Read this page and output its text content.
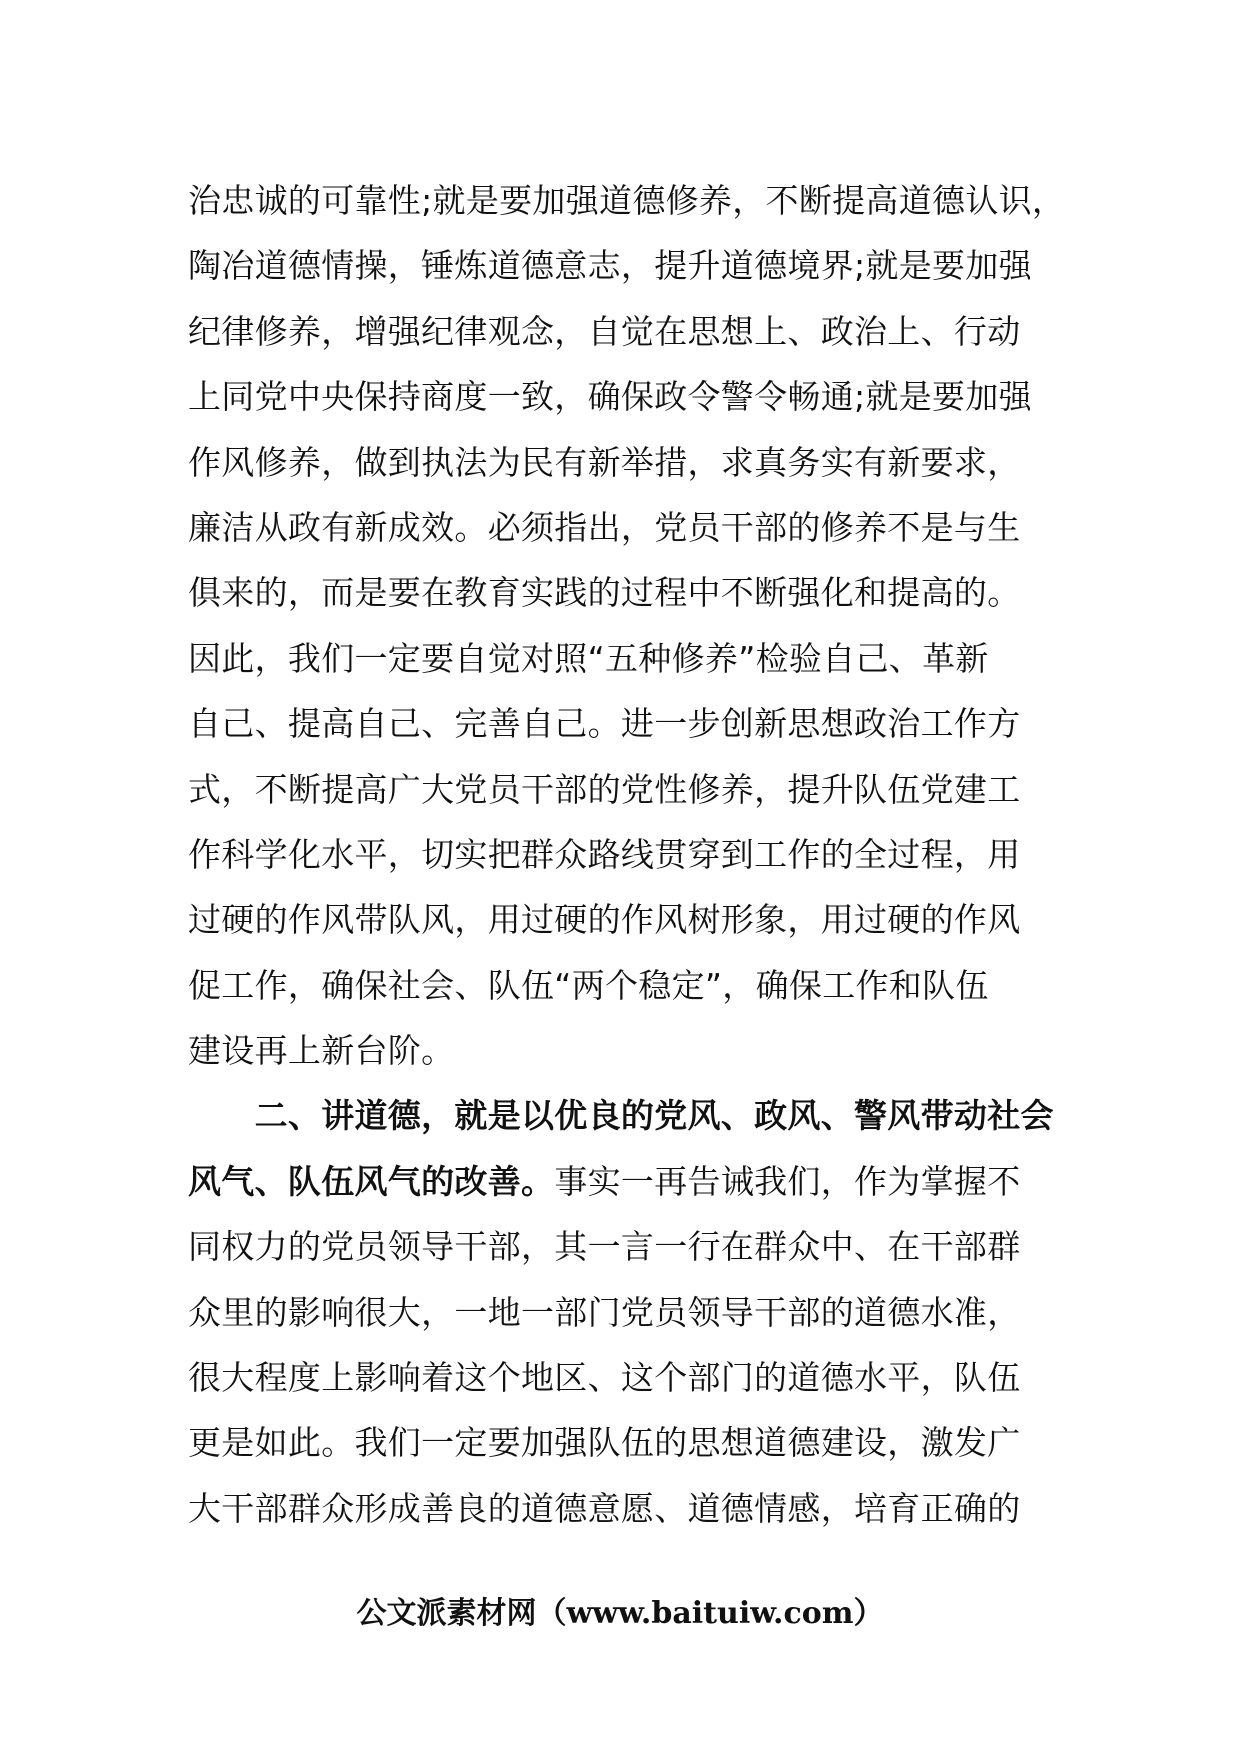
治忠诚的可靠性;就是要加强道德修养，不断提高道德认识，
陶冶道德情操，锤炼道德意志，提升道德境界;就是要加强
纪律修养，增强纪律观念，自觉在思想上、政治上、行动
上同党中央保持商度一致，确保政令警令畅通;就是要加强
作风修养，做到执法为民有新举措，求真务实有新要求，
廉洁从政有新成效。必须指出，党员干部的修养不是与生
俱来的，而是要在教育实践的过程中不断强化和提高的。
因此，我们一定要自觉对照“五种修养”检验自己、革新
自己、提高自己、完善自己。进一步创新思想政治工作方
式，不断提高广大党员干部的党性修养，提升队伍党建工
作科学化水平，切实把群众路线贯穿到工作的全过程，用
过硬的作风带队风，用过硬的作风树形象，用过硬的作风
促工作，确保社会、队伍“两个稳定”，确保工作和队伍
建设再上新台阶。
　　二、讲道德，就是以优良的党风、政风、警风带动社会
风气、队伍风气的改善。事实一再告诫我们，作为掌握不
同权力的党员领导干部，其一言一行在群众中、在干部群
众里的影响很大，一地一部门党员领导干部的道德水准，
很大程度上影响着这个地区、这个部门的道德水平，队伍
更是如此。我们一定要加强队伍的思想道德建设，激发广
大干部群众形成善良的道德意愿、道德情感，培育正确的
公文派素材网（www.baituiw.com）
